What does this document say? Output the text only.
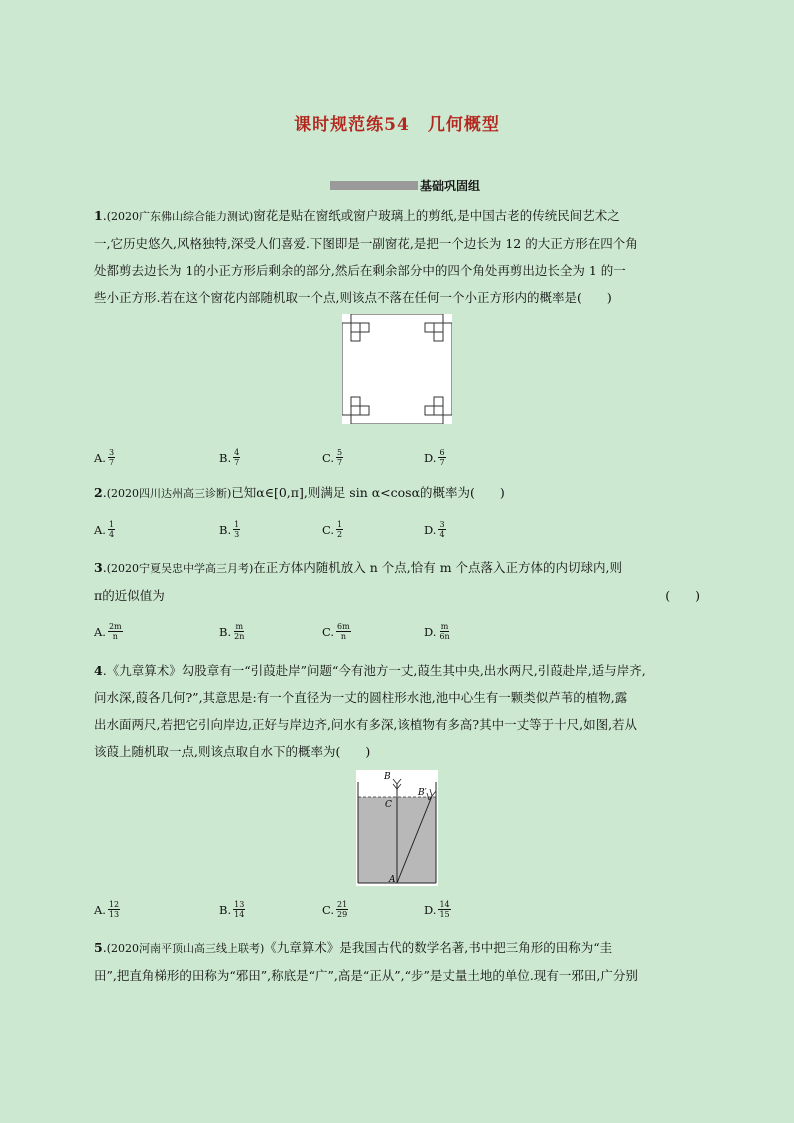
课时规范练54　几何概型
基础巩固组
1.(2020广东佛山综合能力测试)窗花是贴在窗纸或窗户玻璃上的剪纸,是中国古老的传统民间艺术之
一,它历史悠久,风格独特,深受人们喜爱.下图即是一副窗花,是把一个边长为 12 的大正方形在四个角
处都剪去边长为 1的小正方形后剩余的部分,然后在剩余部分中的四个角处再剪出边长全为 1 的一
些小正方形.若在这个窗花内部随机取一个点,则该点不落在任何一个小正方形内的概率是(　　)
A. $\frac{3}{7}$	B. $\frac{4}{7}$	C. $\frac{5}{7}$	D. $\frac{6}{7}$
2.(2020四川达州高三诊断)已知α∈[0,π],则满足 sin α<cosα的概率为(　　)
A. $\frac{1}{4}$	B. $\frac{1}{3}$	C. $\frac{1}{2}$	D. $\frac{3}{4}$
3.(2020宁夏吴忠中学高三月考)在正方体内随机放入 n 个点,恰有 m 个点落入正方体的内切球内,则
π的近似值为	(　　)
A. $\frac{2m}{n}$	B. $\frac{m}{2n}$	C. $\frac{6m}{n}$	D. $\frac{m}{6n}$
4.《九章算术》勾股章有一“引葭赴岸”问题“今有池方一丈,葭生其中央,出水两尺,引葭赴岸,适与岸齐,
问水深,葭各几何?”,其意思是:有一个直径为一丈的圆柱形水池,池中心生有一颗类似芦苇的植物,露
出水面两尺,若把它引向岸边,正好与岸边齐,问水有多深,该植物有多高?其中一丈等于十尺,如图,若从
该葭上随机取一点,则该点取自水下的概率为(　　)
B
C
B′
A
A. $\frac{12}{13}$	B. $\frac{13}{14}$	C. $\frac{21}{29}$	D. $\frac{14}{15}$
5.(2020河南平顶山高三线上联考)《九章算术》是我国古代的数学名著,书中把三角形的田称为“圭
田”,把直角梯形的田称为“邪田”,称底是“广”,高是“正从”,“步”是丈量土地的单位.现有一邪田,广分别
